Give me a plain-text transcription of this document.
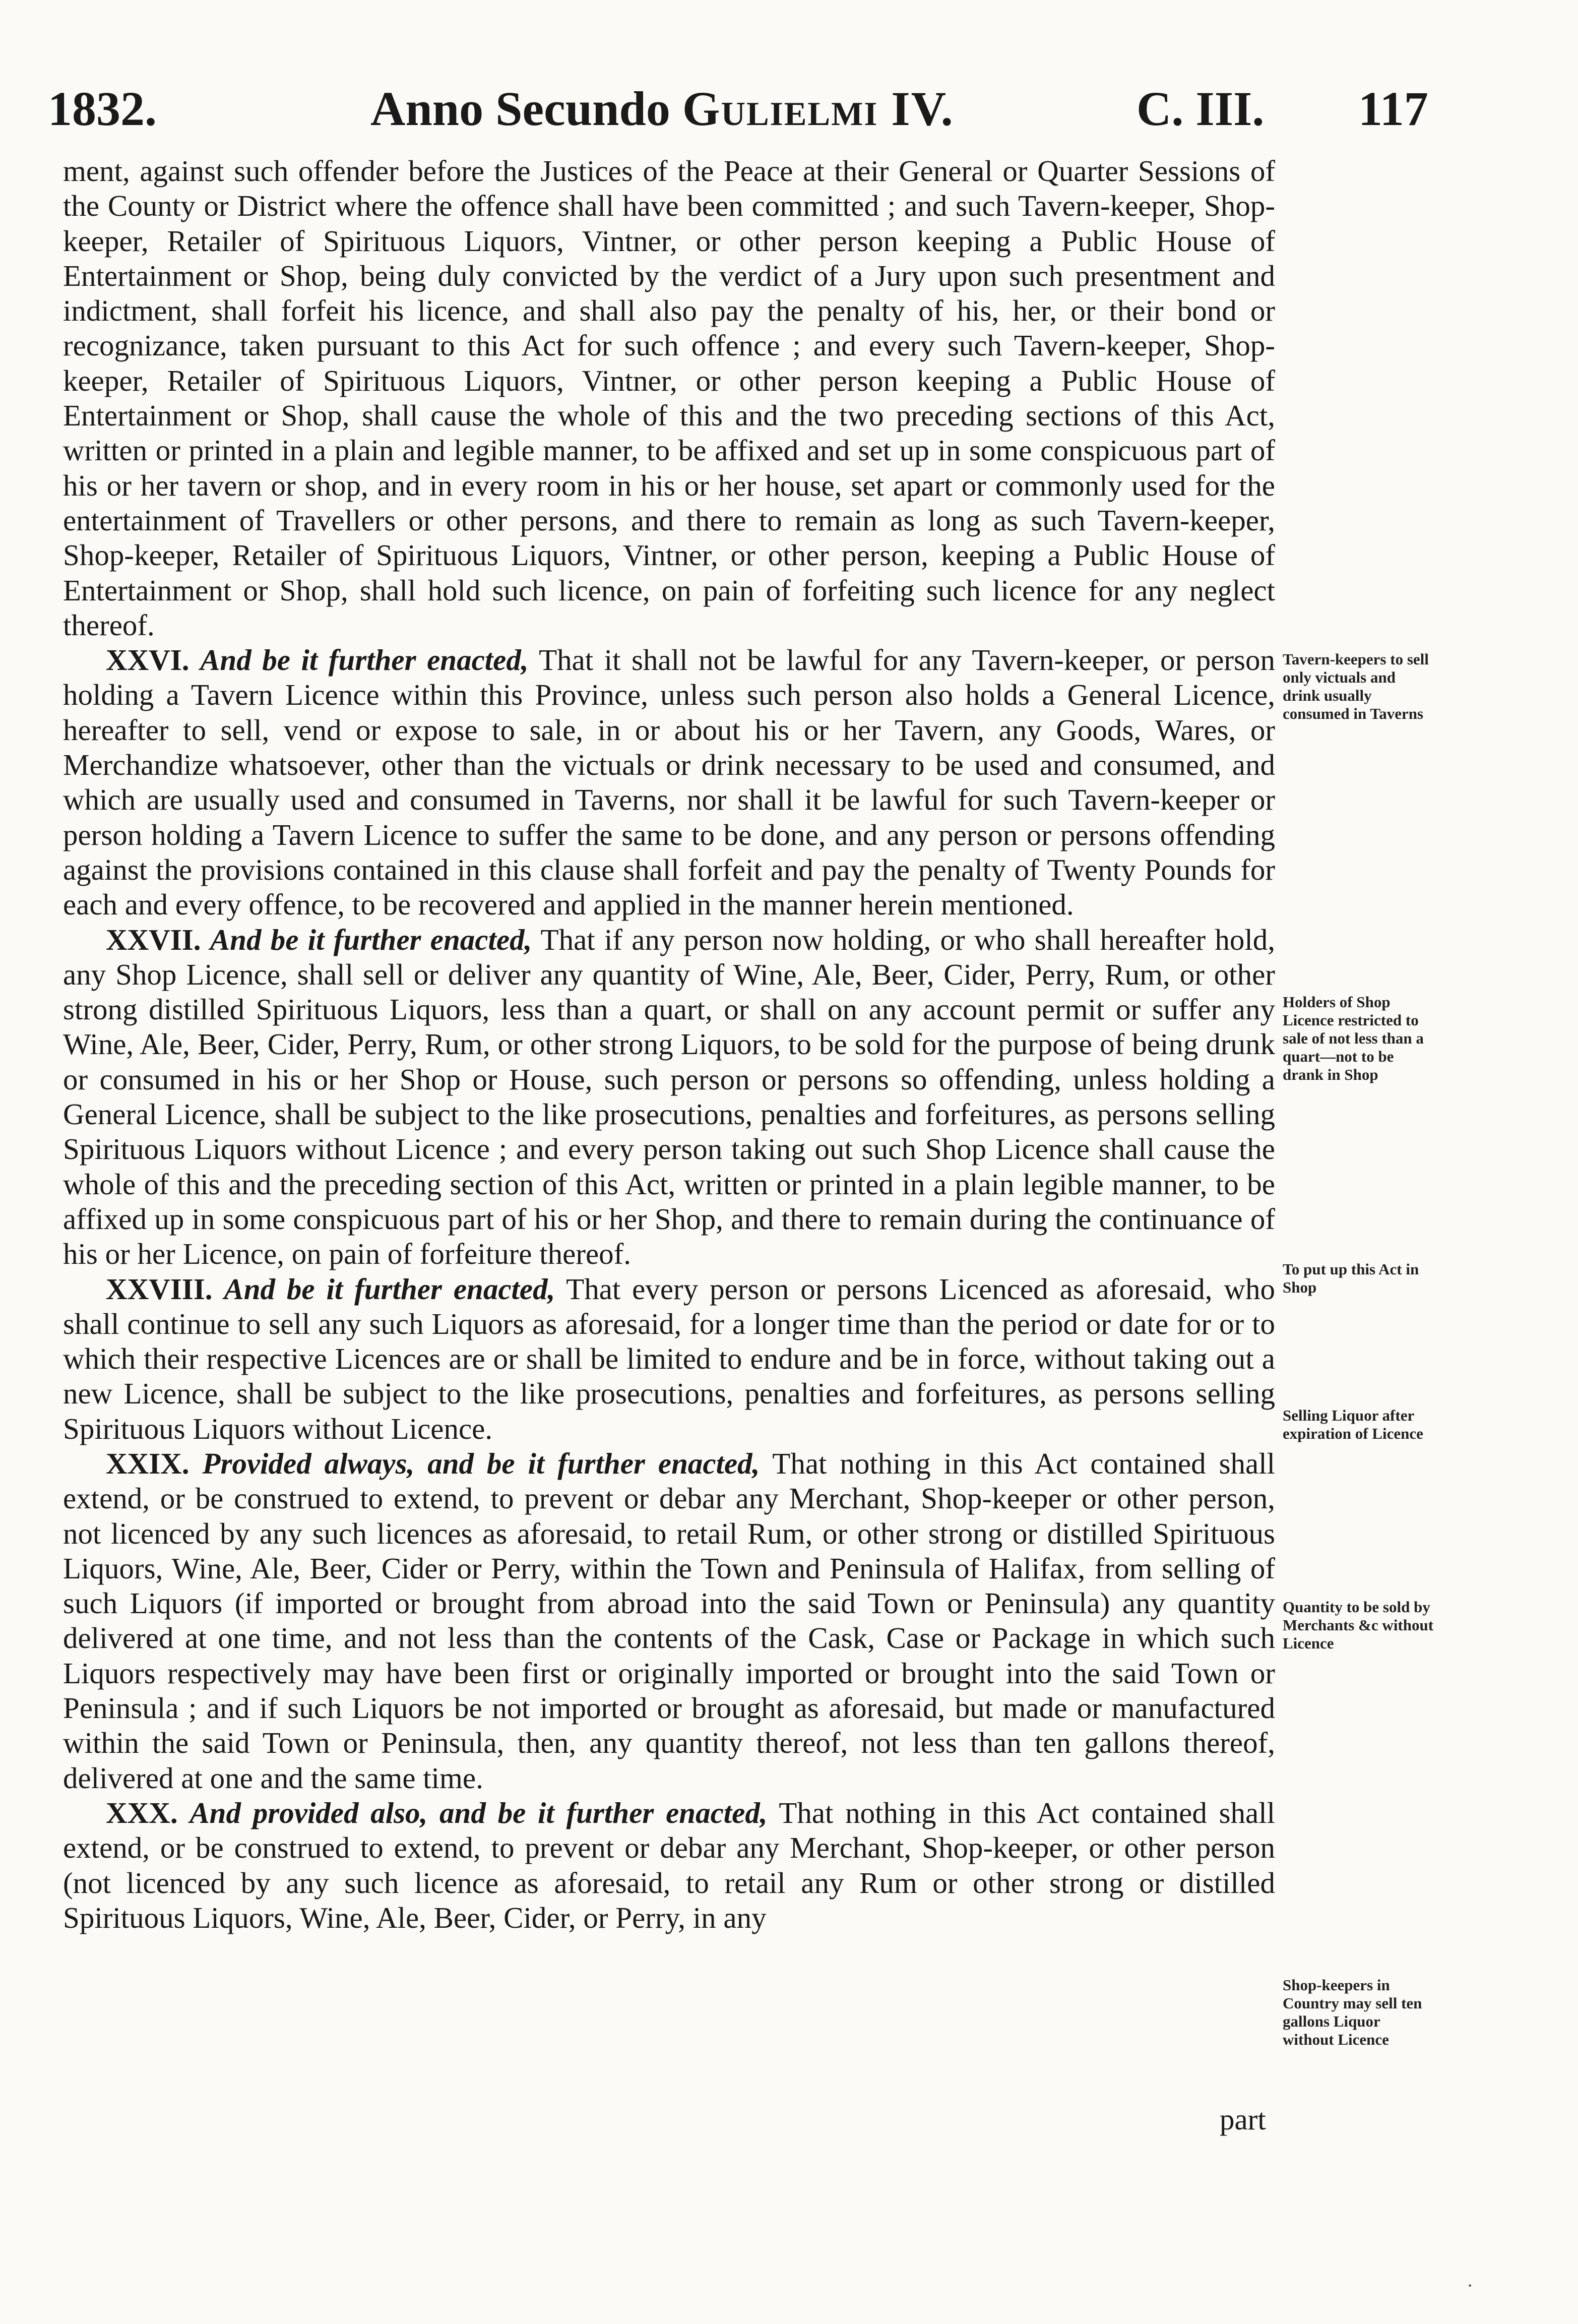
1832.	Anno Secundo Gulielmi IV.	C. III. 117

ment, against such offender before the Justices of the Peace at their General or Quarter Sessions of the County or District where the offence shall have been committed ; and such Tavern-keeper, Shop-keeper, Retailer of Spirituous Liquors, Vintner, or other person keeping a Public House of Entertainment or Shop, being duly convicted by the verdict of a Jury upon such presentment and indictment, shall forfeit his licence, and shall also pay the penalty of his, her, or their bond or recognizance, taken pursuant to this Act for such offence ; and every such Tavern-keeper, Shop-keeper, Retailer of Spirituous Liquors, Vintner, or other person keeping a Public House of Entertainment or Shop, shall cause the whole of this and the two preceding sections of this Act, written or printed in a plain and legible manner, to be affixed and set up in some conspicuous part of his or her tavern or shop, and in every room in his or her house, set apart or commonly used for the entertainment of Travellers or other persons, and there to remain as long as such Tavern-keeper, Shop-keeper, Retailer of Spirituous Liquors, Vintner, or other person, keeping a Public House of Entertainment or Shop, shall hold such licence, on pain of forfeiting such licence for any neglect thereof.

XXVI. And be it further enacted, That it shall not be lawful for any Tavern-keeper, or person holding a Tavern Licence within this Province, unless such person also holds a General Licence, hereafter to sell, vend or expose to sale, in or about his or her Tavern, any Goods, Wares, or Merchandize whatsoever, other than the victuals or drink necessary to be used and consumed, and which are usually used and consumed in Taverns, nor shall it be lawful for such Tavern-keeper or person holding a Tavern Licence to suffer the same to be done, and any person or persons offending against the provisions contained in this clause shall forfeit and pay the penalty of Twenty Pounds for each and every offence, to be recovered and applied in the manner herein mentioned.

XXVII. And be it further enacted, That if any person now holding, or who shall hereafter hold, any Shop Licence, shall sell or deliver any quantity of Wine, Ale, Beer, Cider, Perry, Rum, or other strong distilled Spirituous Liquors, less than a quart, or shall on any account permit or suffer any Wine, Ale, Beer, Cider, Perry, Rum, or other strong Liquors, to be sold for the purpose of being drunk or consumed in his or her Shop or House, such person or persons so offending, unless holding a General Licence, shall be subject to the like prosecutions, penalties and forfeitures, as persons selling Spirituous Liquors without Licence ; and every person taking out such Shop Licence shall cause the whole of this and the preceding section of this Act, written or printed in a plain legible manner, to be affixed up in some conspicuous part of his or her Shop, and there to remain during the continuance of his or her Licence, on pain of forfeiture thereof.

XXVIII. And be it further enacted, That every person or persons Licenced as aforesaid, who shall continue to sell any such Liquors as aforesaid, for a longer time than the period or date for or to which their respective Licences are or shall be limited to endure and be in force, without taking out a new Licence, shall be subject to the like prosecutions, penalties and forfeitures, as persons selling Spirituous Liquors without Licence.

XXIX. Provided always, and be it further enacted, That nothing in this Act contained shall extend, or be construed to extend, to prevent or debar any Merchant, Shop-keeper or other person, not licenced by any such licences as aforesaid, to retail Rum, or other strong or distilled Spirituous Liquors, Wine, Ale, Beer, Cider or Perry, within the Town and Peninsula of Halifax, from selling of such Liquors (if imported or brought from abroad into the said Town or Peninsula) any quantity delivered at one time, and not less than the contents of the Cask, Case or Package in which such Liquors respectively may have been first or originally imported or brought into the said Town or Peninsula ; and if such Liquors be not imported or brought as aforesaid, but made or manufactured within the said Town or Peninsula, then, any quantity thereof, not less than ten gallons thereof, delivered at one and the same time.

XXX. And provided also, and be it further enacted, That nothing in this Act contained shall extend, or be construed to extend, to prevent or debar any Merchant, Shop-keeper, or other person (not licenced by any such licence as aforesaid, to retail any Rum or other strong or distilled Spirituous Liquors, Wine, Ale, Beer, Cider, or Perry, in any

part
Tavern-keepers to sell only victuals and drink usually consumed in Taverns
Holders of Shop Licence restricted to sale of not less than a quart—not to be drank in Shop
To put up this Act in Shop
Selling Liquor after expiration of Licence
Quantity to be sold by Merchants &c without Licence
Shop-keepers in Country may sell ten gallons Liquor without Licence
·
